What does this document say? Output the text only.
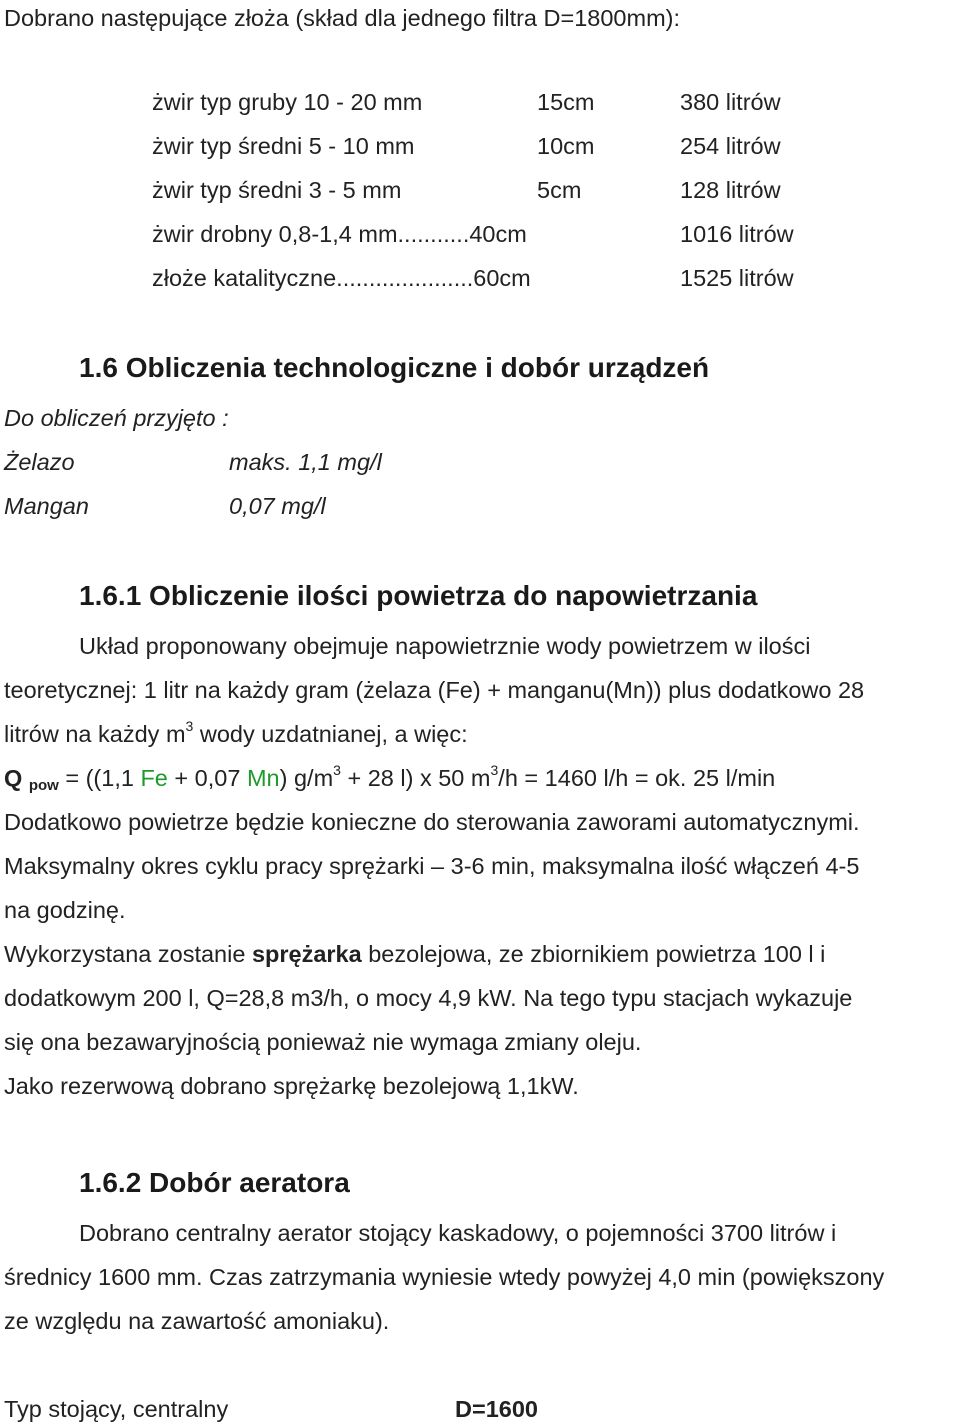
Dobrano następujące złoża (skład dla jednego filtra D=1800mm):
żwir typ gruby 10 - 20 mm	15cm	380 litrów
żwir typ średni 5 - 10 mm	10cm	254 litrów
żwir typ średni 3 - 5 mm	5cm	128 litrów
żwir drobny 0,8-1,4 mm...........40cm	1016 litrów
złoże katalityczne.....................60cm	1525 litrów
1.6 Obliczenia technologiczne i dobór urządzeń
Do obliczeń przyjęto :
Żelazo	maks. 1,1 mg/l
Mangan	0,07 mg/l
1.6.1 Obliczenie ilości powietrza do napowietrzania
Układ proponowany obejmuje napowietrznie wody powietrzem w ilości
teoretycznej: 1 litr na każdy gram (żelaza (Fe) + manganu(Mn)) plus dodatkowo 28
litrów na każdy $m^3$ wody uzdatnianej, a więc:
Q pow = ((1,1 Fe + 0,07 Mn) $g/m^3 + 28$ l) x 50 $m^3/h = 1460$ l/h = ok. 25 l/min
Dodatkowo powietrze będzie konieczne do sterowania zaworami automatycznymi.
Maksymalny okres cyklu pracy sprężarki – 3-6 min, maksymalna ilość włączeń 4-5
na godzinę.
Wykorzystana zostanie sprężarka bezolejowa, ze zbiornikiem powietrza 100 l i
dodatkowym 200 l, Q=28,8 m3/h, o mocy 4,9 kW. Na tego typu stacjach wykazuje
się ona bezawaryjnością ponieważ nie wymaga zmiany oleju.
Jako rezerwową dobrano sprężarkę bezolejową 1,1kW.
1.6.2 Dobór aeratora
Dobrano centralny aerator stojący kaskadowy, o pojemności 3700 litrów i
średnicy 1600 mm. Czas zatrzymania wyniesie wtedy powyżej 4,0 min (powiększony
ze względu na zawartość amoniaku).
Typ stojący, centralny	D=1600
